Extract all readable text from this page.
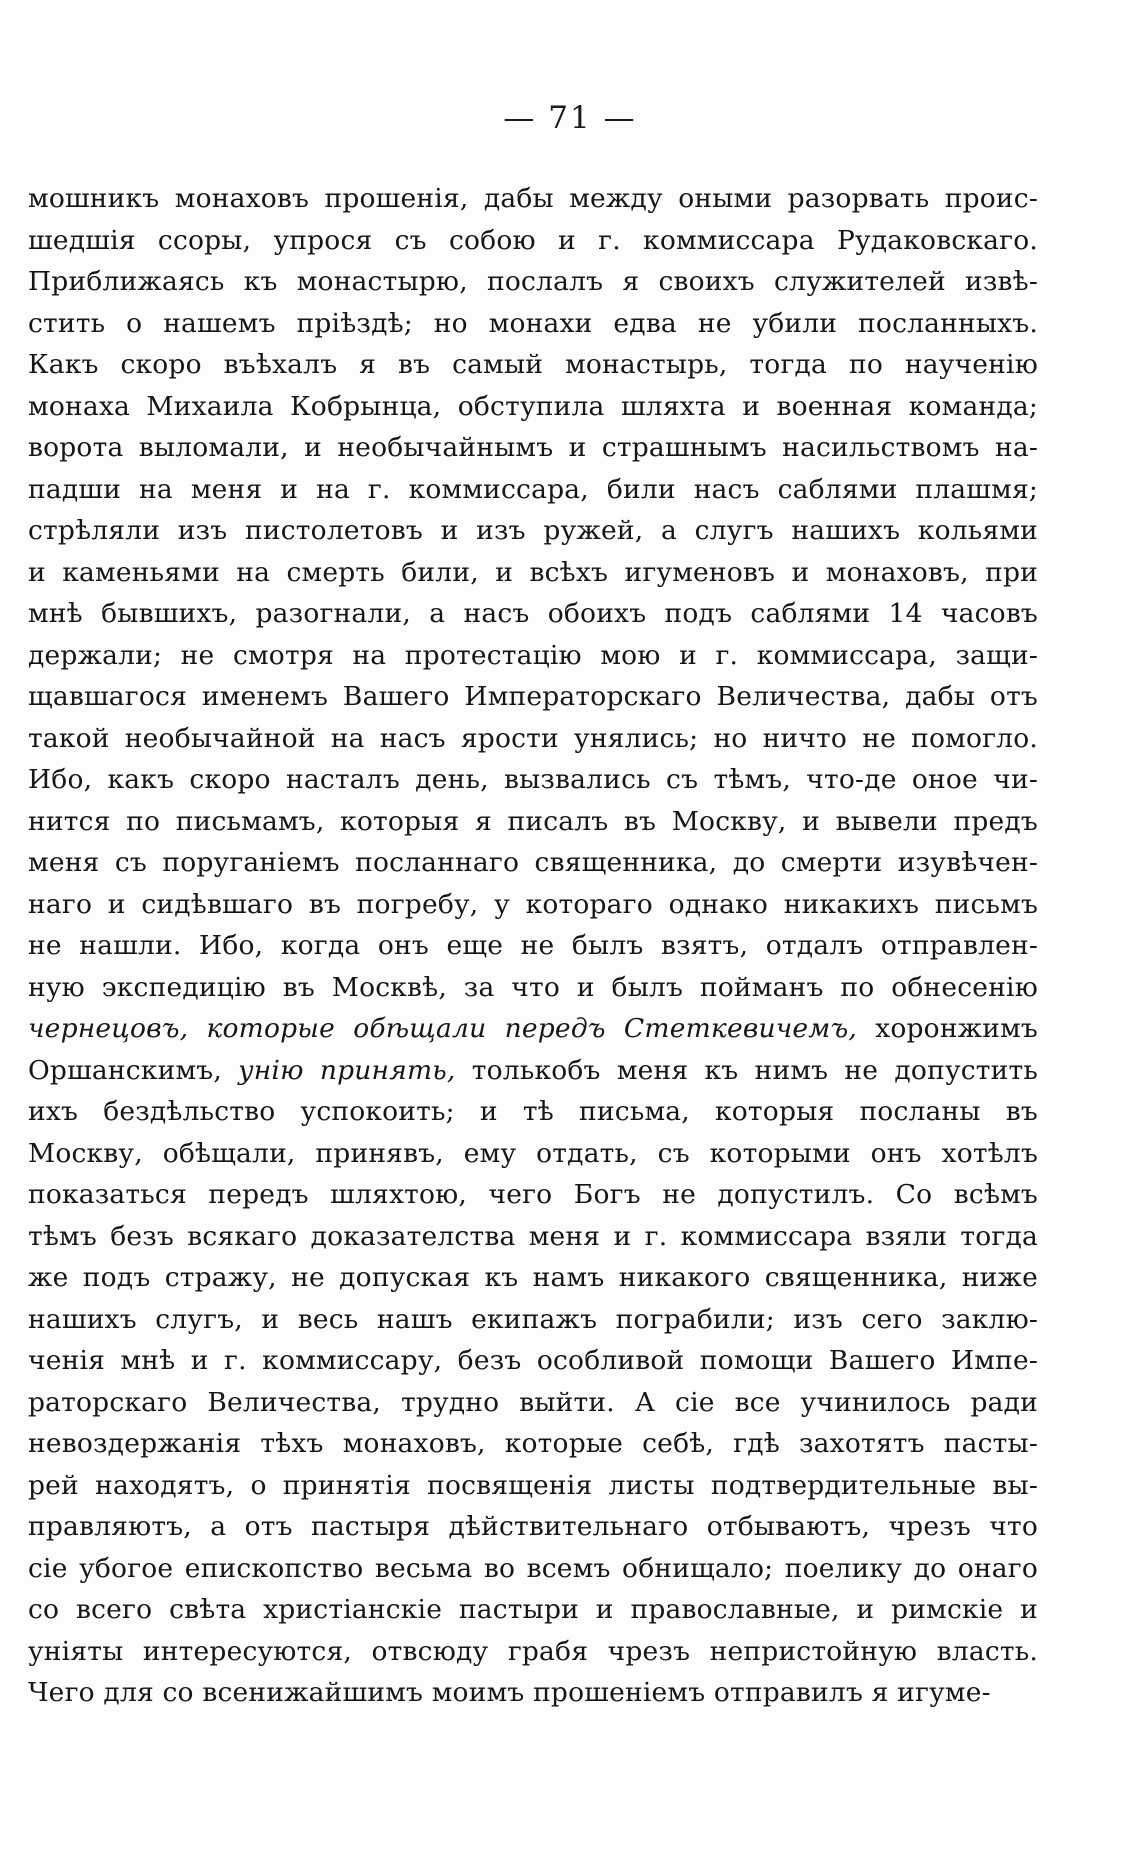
— 71 —
мошникъ монаховъ прошенія, дабы между оными разорвать проис-
шедшія ссоры, упрося съ собою и г. коммиссара Рудаковскаго.
Приближаясь къ монастырю, послалъ я своихъ служителей извѣ-
стить о нашемъ пріѣздѣ; но монахи едва не убили посланныхъ.
Какъ скоро въѣхалъ я въ самый монастырь, тогда по наученію
монаха Михаила Кобрынца, обступила шляхта и военная команда;
ворота выломали, и необычайнымъ и страшнымъ насильствомъ на-
падши на меня и на г. коммиссара, били насъ саблями плашмя;
стрѣляли изъ пистолетовъ и изъ ружей, а слугъ нашихъ кольями
и каменьями на смерть били, и всѣхъ игуменовъ и монаховъ, при
мнѣ бывшихъ, разогнали, а насъ обоихъ подъ саблями 14 часовъ
держали; не смотря на протестацію мою и г. коммиссара, защи-
щавшагося именемъ Вашего Императорскаго Величества, дабы отъ
такой необычайной на насъ ярости унялись; но ничто не помогло.
Ибо, какъ скоро насталъ день, вызвались съ тѣмъ, что-де оное чи-
нится по письмамъ, которыя я писалъ въ Москву, и вывели предъ
меня съ поруганіемъ посланнаго священника, до смерти изувѣчен-
наго и сидѣвшаго въ погребу, у котораго однако никакихъ письмъ
не нашли. Ибо, когда онъ еще не былъ взятъ, отдалъ отправлен-
ную экспедицію въ Москвѣ, за что и былъ пойманъ по обнесенію
чернецовъ, которые обѣщали передъ Стеткевичемъ, хоронжимъ
Оршанскимъ, унію принять, толькобъ меня къ нимъ не допустить
ихъ бездѣльство успокоить; и тѣ письма, которыя посланы въ
Москву, обѣщали, принявъ, ему отдать, съ которыми онъ хотѣлъ
показаться передъ шляхтою, чего Богъ не допустилъ. Со всѣмъ
тѣмъ безъ всякаго доказателства меня и г. коммиссара взяли тогда
же подъ стражу, не допуская къ намъ никакого священника, ниже
нашихъ слугъ, и весь нашъ екипажъ пограбили; изъ сего заклю-
ченія мнѣ и г. коммиссару, безъ особливой помощи Вашего Импе-
раторскаго Величества, трудно выйти. А сіе все учинилось ради
невоздержанія тѣхъ монаховъ, которые себѣ, гдѣ захотятъ пасты-
рей находятъ, о принятія посвященія листы подтвердительные вы-
правляютъ, а отъ пастыря дѣйствительнаго отбываютъ, чрезъ что
сіе убогое епископство весьма во всемъ обнищало; поелику до онаго
со всего свѣта христіанскіе пастыри и православные, и римскіе и
уніяты интересуются, отвсюду грабя чрезъ непристойную власть.
Чего для со всенижайшимъ моимъ прошеніемъ отправилъ я игуме-
